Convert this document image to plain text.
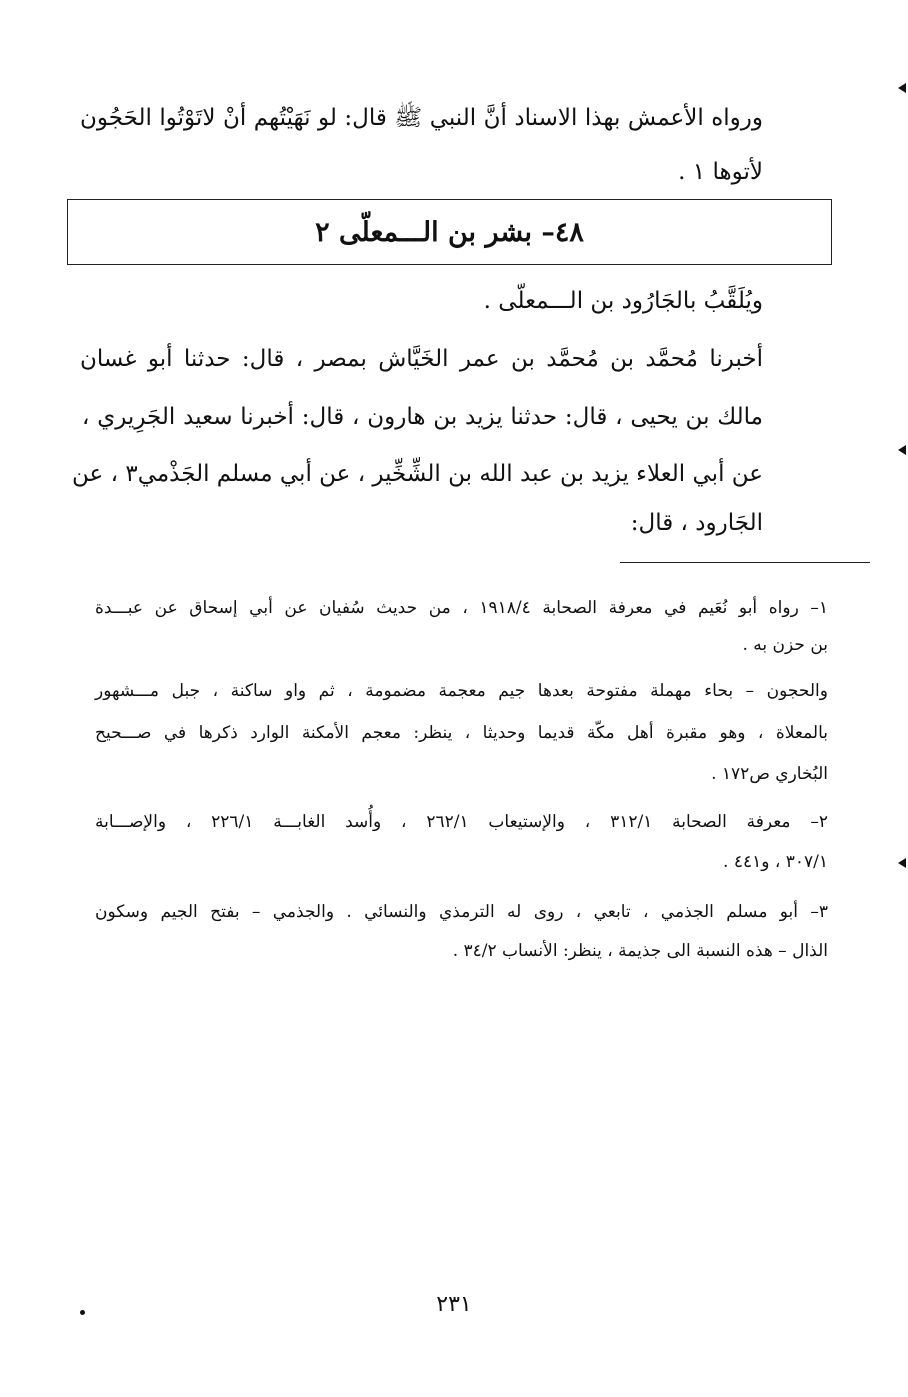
ورواه الأعمش بهذا الاسناد أنَّ النبي ﷺ قال: لو نَهَيْتُهم أنْ لاتَوْتُوا الحَجُون
لأتوها ١ .
٤٨– بشر بن الـــمعلّى ٢
ويُلَقَّبُ بالجَارُود بن الـــمعلّى .
أخبرنا مُحمَّد بن مُحمَّد بن عمر الخَيَّاش بمصر ، قال: حدثنا أبو غسان
مالك بن يحيى ، قال: حدثنا يزيد بن هارون ، قال: أخبرنا سعيد الجَرِيري ،
عن أبي العلاء يزيد بن عبد الله بن الشِّخِّير ، عن أبي مسلم الجَذْمي٣ ، عن
الجَارود ، قال:
١– رواه أبو نُعَيم في معرفة الصحابة ١٩١٨/٤ ، من حديث سُفيان عن أبي إسحاق عن عبـــدة
بن حزن به .
والحجون – بحاء مهملة مفتوحة بعدها جيم معجمة مضمومة ، ثم واو ساكنة ، جبل مـــشهور
بالمعلاة ، وهو مقبرة أهل مكّة قديما وحديثا ، ينظر: معجم الأمكنة الوارد ذكرها في صـــحيح
البُخاري ص١٧٢ .
٢– معرفة الصحابة ٣١٢/١ ، والإستيعاب ٢٦٢/١ ، وأُسد الغابـــة ٢٢٦/١ ، والإصـــابة
٣٠٧/١ ، و٤٤١ .
٣– أبو مسلم الجذمي ، تابعي ، روى له الترمذي والنسائي . والجذمي – بفتح الجيم وسكون
الذال – هذه النسبة الى جذيمة ، ينظر: الأنساب ٣٤/٢ .
٢٣١
